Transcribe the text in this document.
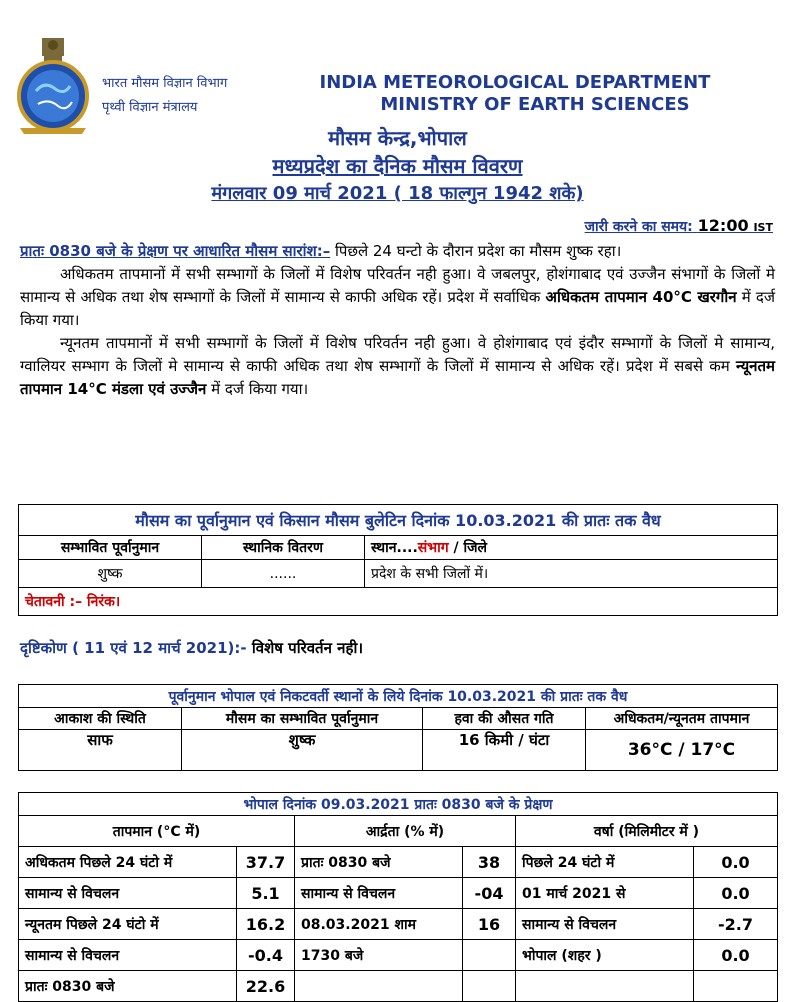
भारत मौसम विज्ञान विभाग
पृथ्वी विज्ञान मंत्रालय
INDIA METEOROLOGICAL DEPARTMENT
MINISTRY OF EARTH SCIENCES
मौसम केन्द्र,भोपाल
मध्यप्रदेश का दैनिक मौसम विवरण
मंगलवार 09 मार्च 2021 ( 18 फाल्गुन 1942 शके)
जारी करने का समय: 12:00 IST

प्रातः 0830 बजे के प्रेक्षण पर आधारित मौसम सारांश:– पिछले 24 घन्टो के दौरान प्रदेश का मौसम शुष्क रहा।

अधिकतम तापमानों में सभी सम्भागों के जिलों में विशेष परिवर्तन नही हुआ। वे जबलपुर, होशंगाबाद एवं उज्जैन संभागों के जिलों मे सामान्य से अधिक तथा शेष सम्भागों के जिलों में सामान्य से काफी अधिक रहें। प्रदेश में सर्वाधिक अधिकतम तापमान 40°C खरगौन में दर्ज किया गया।

न्यूनतम तापमानों में सभी सम्भागों के जिलों में विशेष परिवर्तन नही हुआ। वे होशंगाबाद एवं इंदौर सम्भागों के जिलों मे सामान्य, ग्वालियर सम्भाग के जिलों मे सामान्य से काफी अधिक तथा शेष सम्भागों के जिलों में सामान्य से अधिक रहें। प्रदेश में सबसे कम न्यूनतम तापमान 14°C मंडला एवं उज्जैन में दर्ज किया गया।

मौसम का पूर्वानुमान एवं किसान मौसम बुलेटिन दिनांक 10.03.2021 की प्रातः तक वैध		
सम्भावित पूर्वानुमान	स्थानिक वितरण	स्थान....संभाग / जिले
शुष्क	......	प्रदेश के सभी जिलों में।
चेतावनी :– निरंक।		
दृष्टिकोण ( 11 एवं 12 मार्च 2021):- विशेष परिवर्तन नही।
पूर्वानुमान भोपाल एवं निकटवर्ती स्थानों के लिये दिनांक 10.03.2021 की प्रातः तक वैध			
आकाश की स्थिति	मौसम का सम्भावित पूर्वानुमान	हवा की औसत गति	अधिकतम/न्यूनतम तापमान
साफ	शुष्क	16 किमी / घंटा	36°C / 17°C
भोपाल दिनांक 09.03.2021 प्रातः 0830 बजे के प्रेक्षण					
तापमान (°C में)		आर्द्रता (% में)		वर्षा (मिलिमीटर में )	
अधिकतम पिछले 24 घंटो में	37.7	प्रातः 0830 बजे	38	पिछले 24 घंटो में	0.0
सामान्य से विचलन	5.1	सामान्य से विचलन	-04	01 मार्च 2021 से	0.0
न्यूनतम पिछले 24 घंटो में	16.2	08.03.2021 शाम	16	सामान्य से विचलन	-2.7
सामान्य से विचलन	-0.4	1730 बजे		भोपाल (शहर )	0.0
प्रातः 0830 बजे	22.6				
